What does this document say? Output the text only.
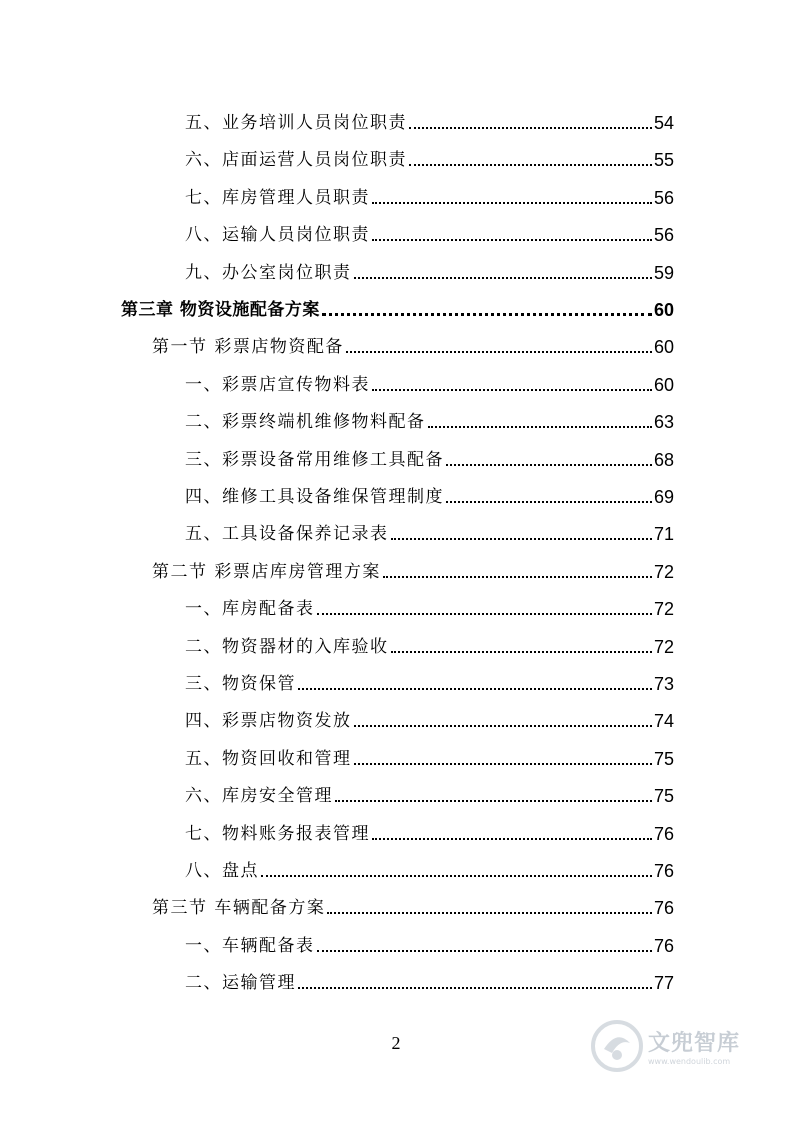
五、业务培训人员岗位职责	54
六、店面运营人员岗位职责	55
七、库房管理人员职责	56
八、运输人员岗位职责	56
九、办公室岗位职责	59
第三章 物资设施配备方案	60
第一节 彩票店物资配备	60
一、彩票店宣传物料表	60
二、彩票终端机维修物料配备	63
三、彩票设备常用维修工具配备	68
四、维修工具设备维保管理制度	69
五、工具设备保养记录表	71
第二节 彩票店库房管理方案	72
一、库房配备表	72
二、物资器材的入库验收	72
三、物资保管	73
四、彩票店物资发放	74
五、物资回收和管理	75
六、库房安全管理	75
七、物料账务报表管理	76
八、盘点	76
第三节 车辆配备方案	76
一、车辆配备表	76
二、运输管理	77
2	文兜智库
www.wendoulib.com
